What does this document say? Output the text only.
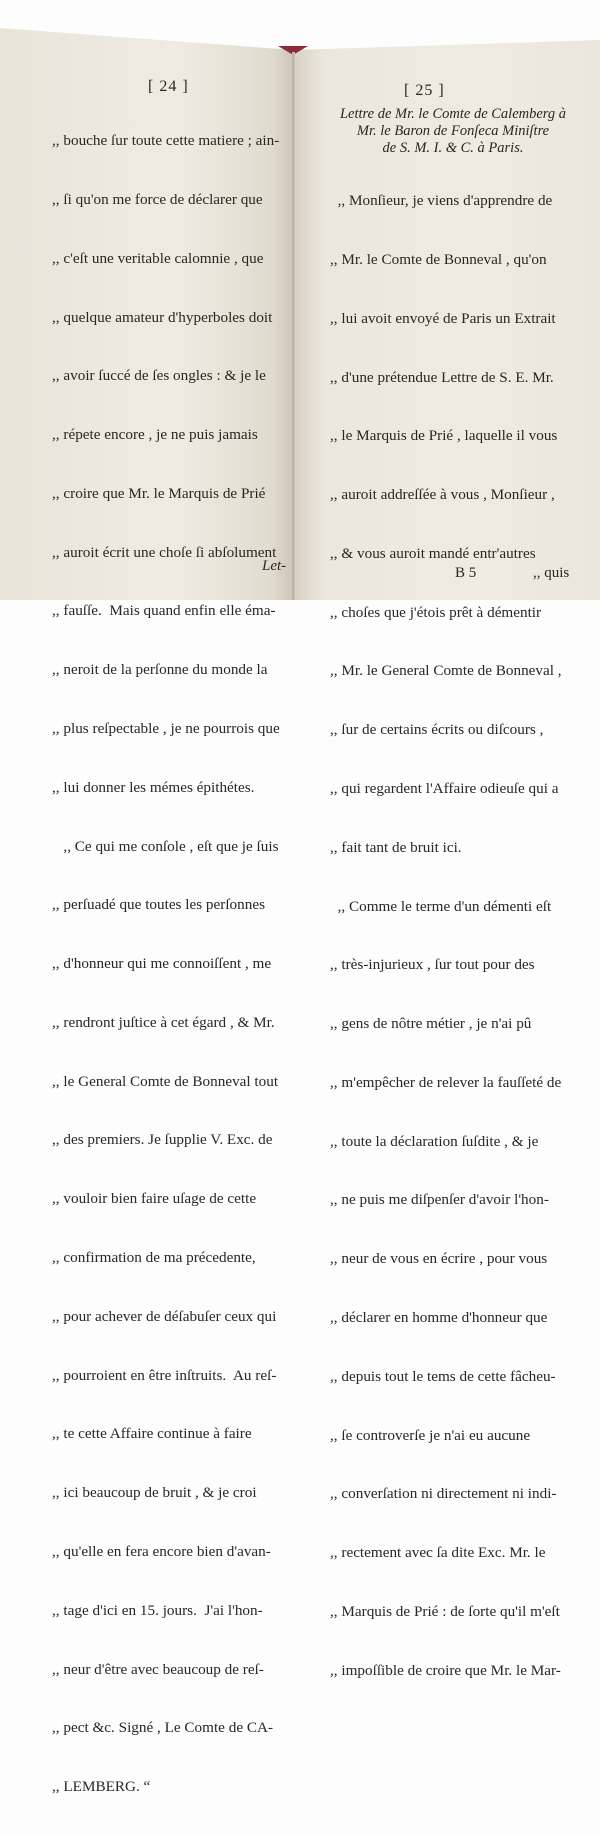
[ 24 ]

,, bouche ſur toute cette matiere ; ain-

,, ſi qu'on me force de déclarer que

,, c'eſt une veritable calomnie , que

,, quelque amateur d'hyperboles doit

,, avoir ſuccé de ſes ongles : & je le

,, répete encore , je ne puis jamais

,, croire que Mr. le Marquis de Prié

,, auroit écrit une choſe ſi abſolument

,, fauſſe.  Mais quand enfin elle éma-

,, neroit de la perſonne du monde la

,, plus reſpectable , je ne pourrois que

,, lui donner les mémes épithétes.

,, Ce qui me conſole , eſt que je ſuis

,, perſuadé que toutes les perſonnes

,, d'honneur qui me connoiſſent , me

,, rendront juſtice à cet égard , & Mr.

,, le General Comte de Bonneval tout

,, des premiers. Je ſupplie V. Exc. de

,, vouloir bien faire uſage de cette

,, confirmation de ma précedente,

,, pour achever de déſabuſer ceux qui

,, pourroient en être inſtruits.  Au reſ-

,, te cette Affaire continue à faire

,, ici beaucoup de bruit , & je croi

,, qu'elle en fera encore bien d'avan-

,, tage d'ici en 15. jours.  J'ai l'hon-

,, neur d'être avec beaucoup de reſ-

,, pect &c. Signé , Le Comte de CA-

,, LEMBERG. “

Let-
[ 25 ]
Lettre de Mr. le Comte de Calemberg à
Mr. le Baron de Fonſeca Miniſtre
de S. M. I. & C. à Paris.

,, Monſieur, je viens d'apprendre de

,, Mr. le Comte de Bonneval , qu'on

,, lui avoit envoyé de Paris un Extrait

,, d'une prétendue Lettre de S. E. Mr.

,, le Marquis de Prié , laquelle il vous

,, auroit addreſſée à vous , Monſieur ,

,, & vous auroit mandé entr'autres

,, choſes que j'étois prêt à démentir

,, Mr. le General Comte de Bonneval ,

,, ſur de certains écrits ou diſcours ,

,, qui regardent l'Affaire odieuſe qui a

,, fait tant de bruit ici.

,, Comme le terme d'un démenti eſt

,, très-injurieux , ſur tout pour des

,, gens de nôtre métier , je n'ai pû

,, m'empêcher de relever la fauſſeté de

,, toute la déclaration ſuſdite , & je

,, ne puis me diſpenſer d'avoir l'hon-

,, neur de vous en écrire , pour vous

,, déclarer en homme d'honneur que

,, depuis tout le tems de cette fâcheu-

,, ſe controverſe je n'ai eu aucune

,, converſation ni directement ni indi-

,, rectement avec ſa dite Exc. Mr. le

,, Marquis de Prié : de ſorte qu'il m'eſt

,, impoſſible de croire que Mr. le Mar-

B 5	,, quis
